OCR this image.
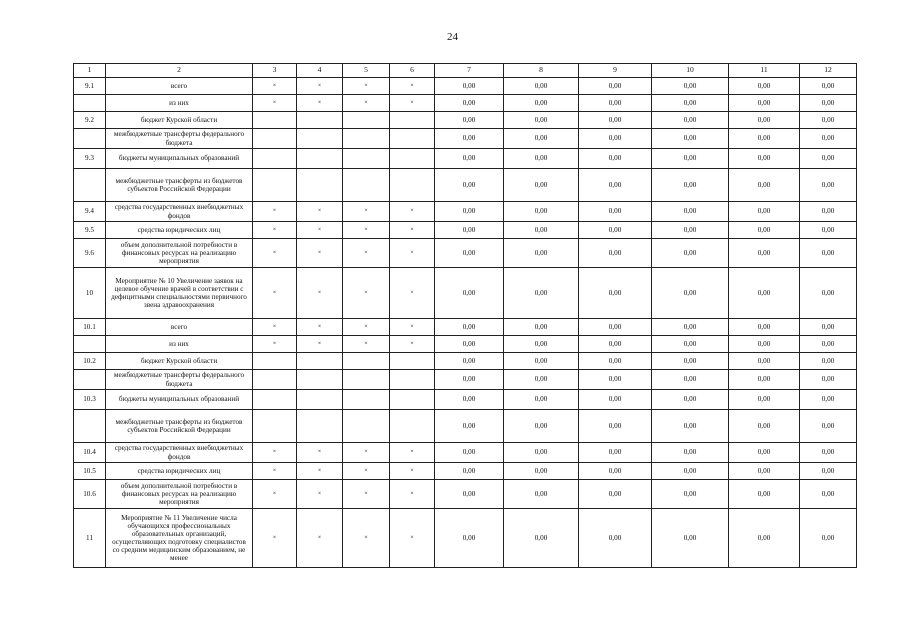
24
1	2	3	4	5	6	7	8	9	10	11	12
9.1	всего	×	×	×	×	0,00	0,00	0,00	0,00	0,00	0,00
	из них	×	×	×	×	0,00	0,00	0,00	0,00	0,00	0,00
9.2	бюджет Курской области					0,00	0,00	0,00	0,00	0,00	0,00
	межбюджетные трансферты федерального бюджета					0,00	0,00	0,00	0,00	0,00	0,00
9.3	бюджеты муниципальных образований					0,00	0,00	0,00	0,00	0,00	0,00
	межбюджетные трансферты из бюджетов субъектов Российской Федерации					0,00	0,00	0,00	0,00	0,00	0,00
9.4	средства государственных внебюджетных фондов	×	×	×	×	0,00	0,00	0,00	0,00	0,00	0,00
9.5	средства юридических лиц	×	×	×	×	0,00	0,00	0,00	0,00	0,00	0,00
9.6	объем дополнительной потребности в финансовых ресурсах на реализацию мероприятия	×	×	×	×	0,00	0,00	0,00	0,00	0,00	0,00
10	Мероприятие № 10 Увеличение заявок на целевое обучение врачей в соответствии с дефицитными специальностями первичного звена здравоохранения	×	×	×	×	0,00	0,00	0,00	0,00	0,00	0,00
10.1	всего	×	×	×	×	0,00	0,00	0,00	0,00	0,00	0,00
	из них	×	×	×	×	0,00	0,00	0,00	0,00	0,00	0,00
10.2	бюджет Курской области					0,00	0,00	0,00	0,00	0,00	0,00
	межбюджетные трансферты федерального бюджета					0,00	0,00	0,00	0,00	0,00	0,00
10.3	бюджеты муниципальных образований					0,00	0,00	0,00	0,00	0,00	0,00
	межбюджетные трансферты из бюджетов субъектов Российской Федерации					0,00	0,00	0,00	0,00	0,00	0,00
10.4	средства государственных внебюджетных фондов	×	×	×	×	0,00	0,00	0,00	0,00	0,00	0,00
10.5	средства юридических лиц	×	×	×	×	0,00	0,00	0,00	0,00	0,00	0,00
10.6	объем дополнительной потребности в финансовых ресурсах на реализацию мероприятия	×	×	×	×	0,00	0,00	0,00	0,00	0,00	0,00
11	Мероприятие № 11 Увеличение числа обучающихся профессиональных образовательных организаций, осуществляющих подготовку специалистов со средним медицинским образованием, не менее	×	×	×	×	0,00	0,00	0,00	0,00	0,00	0,00
